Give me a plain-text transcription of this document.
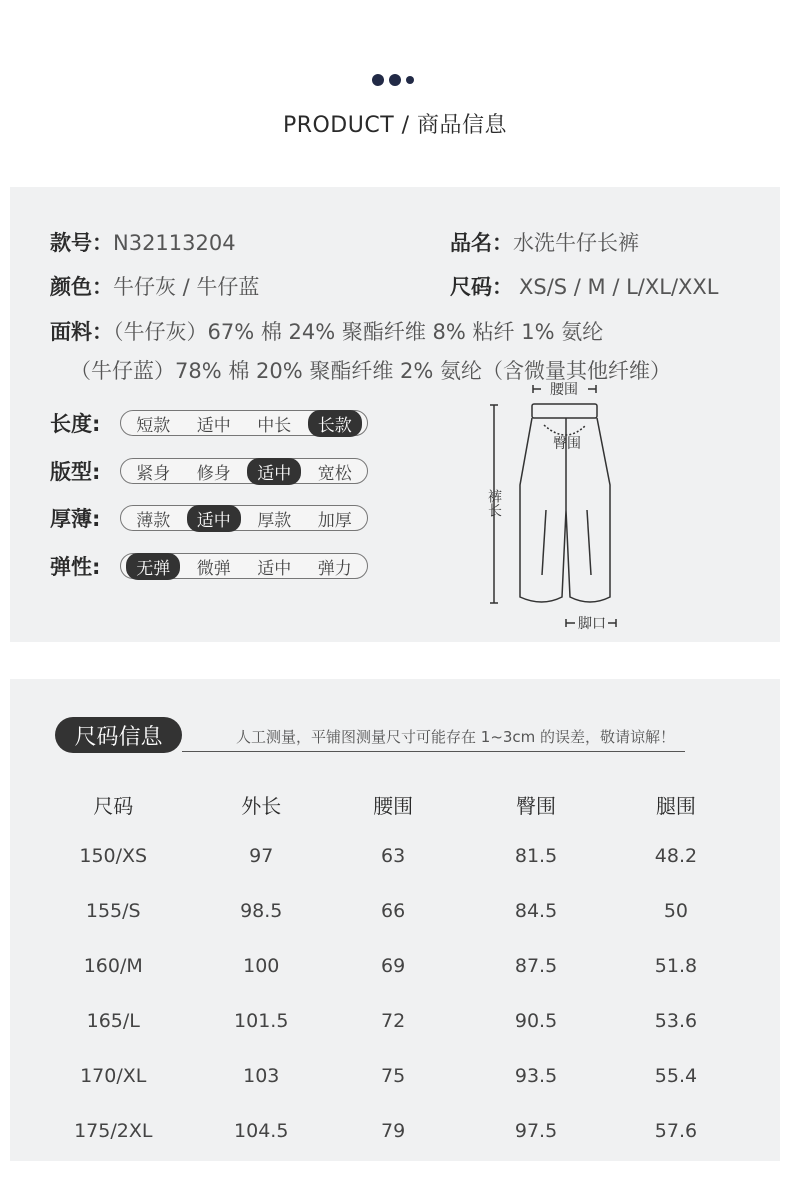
PRODUCT / 商品信息
款号：N32113204	品名：水洗牛仔长裤
颜色：牛仔灰 / 牛仔蓝	尺码： XS/S / M / L/XL/XXL
面料：（牛仔灰）67% 棉 24% 聚酯纤维 8% 粘纤 1% 氨纶
（牛仔蓝）78% 棉 20% 聚酯纤维 2% 氨纶（含微量其他纤维）
长度:	短款	适中	中长	长款
版型:	紧身	修身	适中	宽松
厚薄:	薄款	适中	厚款	加厚
弹性:	无弹	微弹	适中	弹力
腰围
臀围
裤长
脚口
尺码信息	人工测量，平铺图测量尺寸可能存在 1~3cm 的误差，敬请谅解！
尺码	外长	腰围	臀围	腿围
150/XS	97	63	81.5	48.2
155/S	98.5	66	84.5	50
160/M	100	69	87.5	51.8
165/L	101.5	72	90.5	53.6
170/XL	103	75	93.5	55.4
175/2XL	104.5	79	97.5	57.6
